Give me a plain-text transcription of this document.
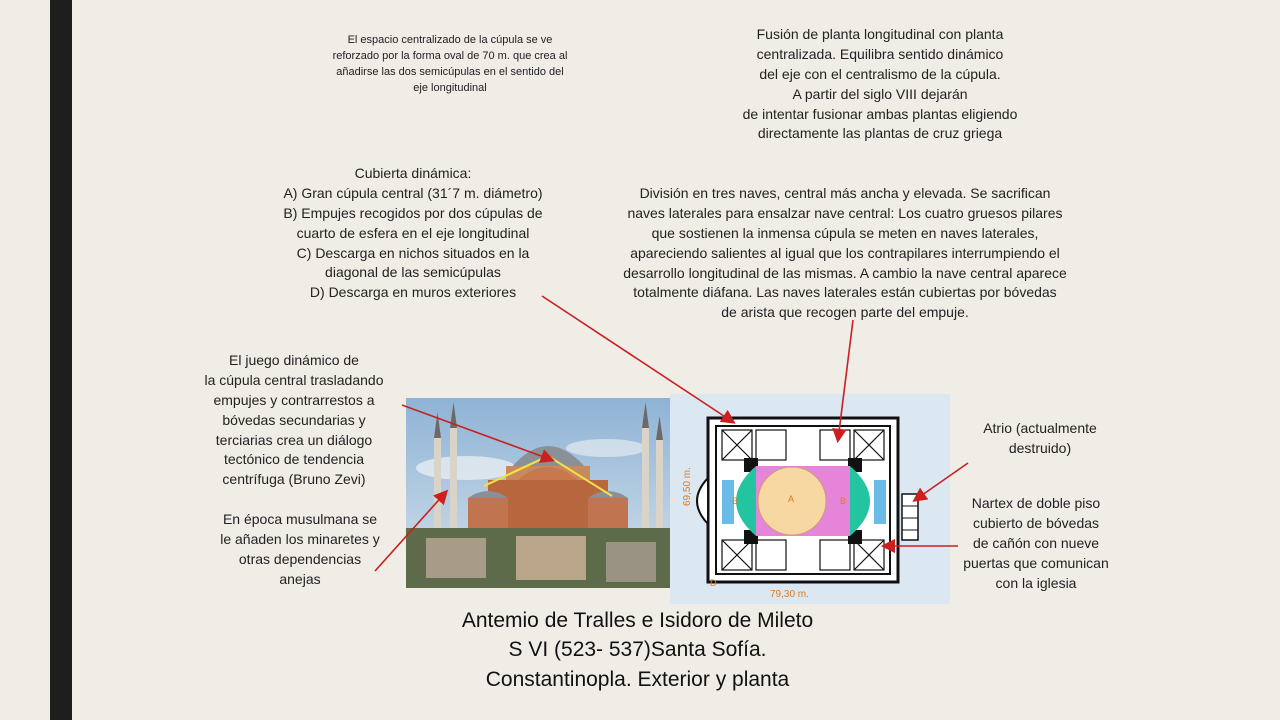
El espacio centralizado de la cúpula se ve
reforzado por la forma oval de 70 m. que crea al
añadirse las dos semicúpulas en el sentido del
eje longitudinal
Fusión de planta longitudinal con planta
centralizada. Equilibra sentido dinámico
del eje con el centralismo de la cúpula.
A partir del siglo VIII dejarán
de intentar fusionar ambas plantas eligiendo
directamente las plantas de cruz griega
Cubierta dinámica:
A) Gran cúpula central (31´7 m. diámetro)
B) Empujes recogidos por dos cúpulas de
cuarto de esfera en el eje longitudinal
C) Descarga en nichos situados en la
diagonal de las semicúpulas
D) Descarga en muros exteriores
División en tres naves, central más ancha y elevada. Se sacrifican
naves laterales para ensalzar nave central: Los cuatro gruesos pilares
que sostienen la inmensa cúpula se meten en naves laterales,
apareciendo salientes al igual que los contrapilares interrumpiendo el
desarrollo longitudinal de las mismas. A cambio la nave central aparece
totalmente diáfana. Las naves laterales están cubiertas por bóvedas
de arista que recogen parte del empuje.
El juego dinámico de
la cúpula central trasladando
empujes y contrarrestos a
bóvedas secundarias y
terciarias crea un diálogo
tectónico de tendencia
centrífuga (Bruno Zevi)
En época musulmana se
le añaden los minaretes y
otras dependencias
anejas
Atrio (actualmente
destruido)
Nartex de doble piso
cubierto de bóvedas
de cañón con nueve
puertas que comunican
con la iglesia
A
B	B
D
79,30 m.
69,50 m.
Antemio de Tralles e Isidoro de Mileto
S VI (523- 537)Santa Sofía.
Constantinopla. Exterior y planta
